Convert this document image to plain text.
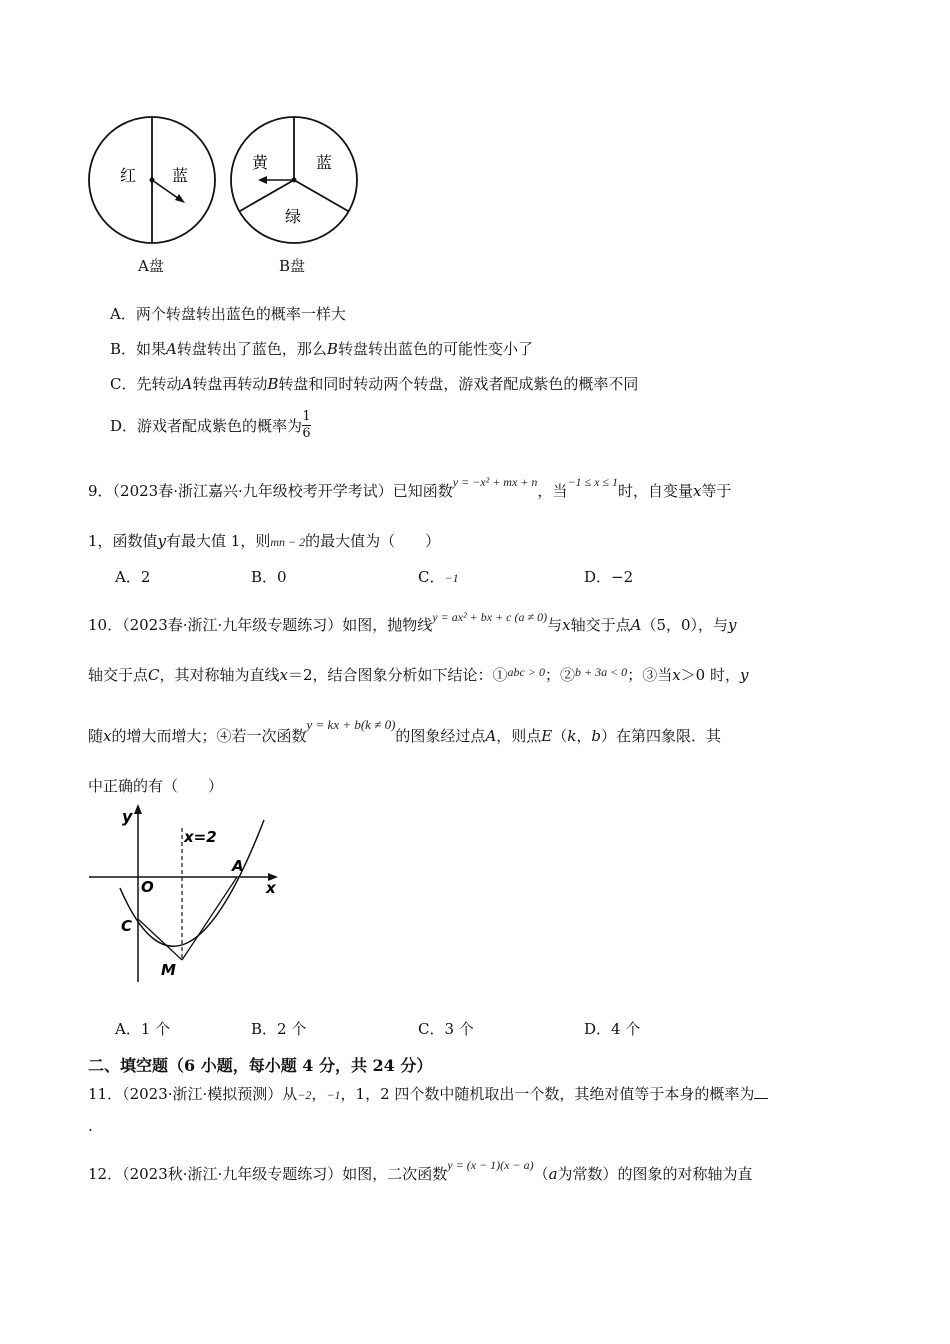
红 蓝
A盘
黄	蓝
绿
B盘
A．两个转盘转出蓝色的概率一样大
B．如果A转盘转出了蓝色，那么B转盘转出蓝色的可能性变小了
C．先转动A转盘再转动B转盘和同时转动两个转盘，游戏者配成紫色的概率不同
D．游戏者配成紫色的概率为 $\frac{1}{6}$
9．（2023春·浙江嘉兴·九年级校考开学考试）已知函数$^{y = -x^2 + mx + n}$，当$^{-1 \le x \le 1}$时，自变量x等于
1，函数值y有最大值 1，则mn − 2的最大值为（　　）
A．2	B．0	C．−1	D．−2
10．（2023春·浙江·九年级专题练习）如图，抛物线$^{y = ax^2 + bx + c (a \ne 0)}$与x轴交于点A（5，0），与y
轴交于点C，其对称轴为直线x＝2，结合图象分析如下结论：①$^{abc > 0}$；②$^{b + 3a < 0}$；③当x＞0 时，y
随x的增大而增大；④若一次函数y = kx + b(k ≠ 0)的图象经过点A，则点E（k，b）在第四象限．其
中正确的有（　　）
y
x=2
O
A
x
C
M
A．1 个	B．2 个	C．3 个	D．4 个
二、填空题（6 小题，每小题 4 分，共 24 分）
11．（2023·浙江·模拟预测）从−2，−1，1，2 四个数中随机取出一个数，其绝对值等于本身的概率为
.
12．（2023秋·浙江·九年级专题练习）如图，二次函数$^{y = (x - 1)(x - a)}$（a为常数）的图象的对称轴为直
